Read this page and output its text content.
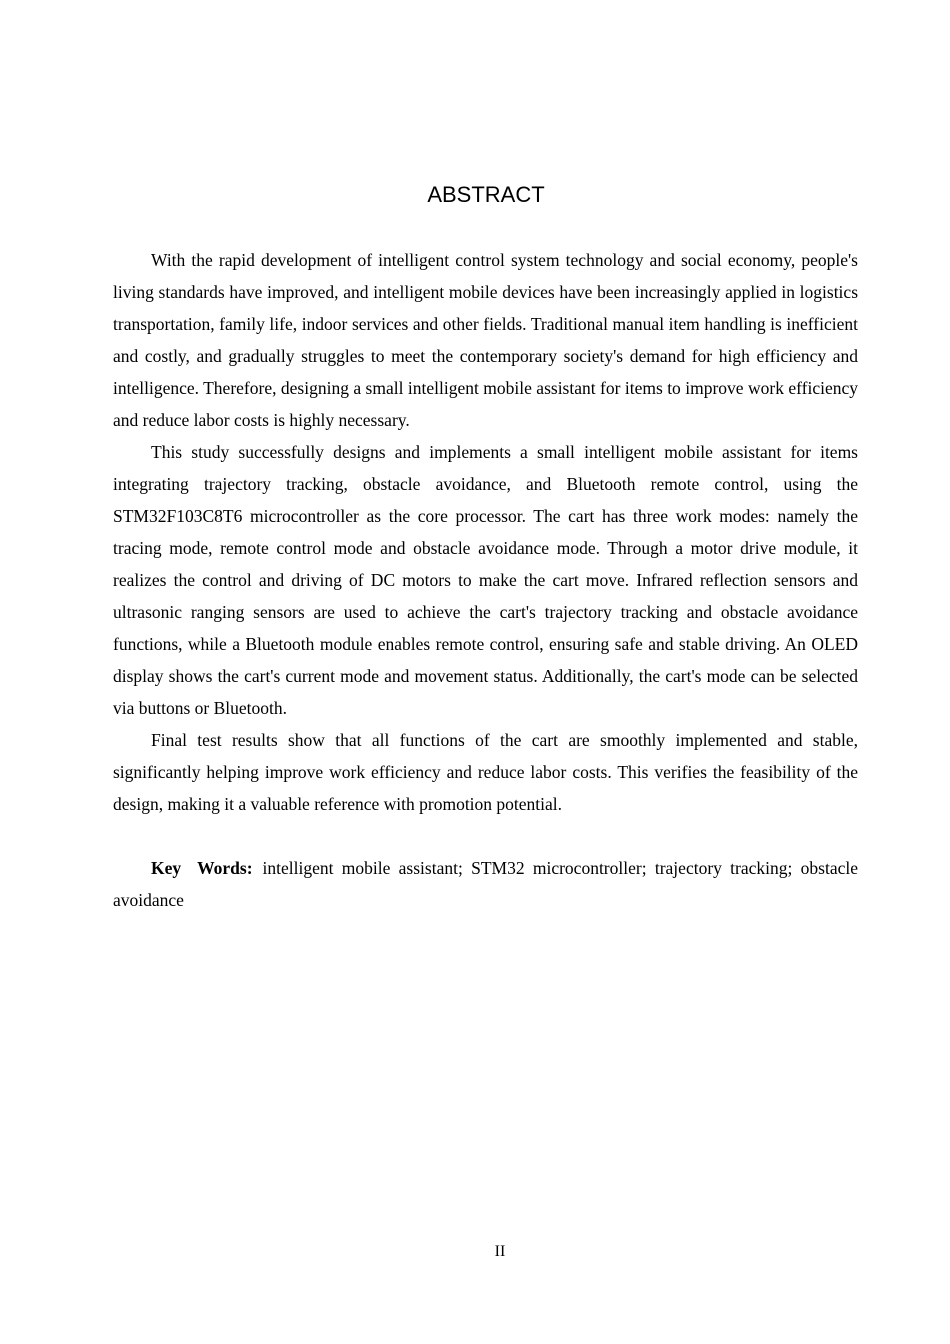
ABSTRACT

With the rapid development of intelligent control system technology and social economy, people's living standards have improved, and intelligent mobile devices have been increasingly applied in logistics transportation, family life, indoor services and other fields. Traditional manual item handling is inefficient and costly, and gradually struggles to meet the contemporary society's demand for high efficiency and intelligence. Therefore, designing a small intelligent mobile assistant for items to improve work efficiency and reduce labor costs is highly necessary.

This study successfully designs and implements a small intelligent mobile assistant for items integrating trajectory tracking, obstacle avoidance, and Bluetooth remote control, using the STM32F103C8T6 microcontroller as the core processor. The cart has three work modes: namely the tracing mode, remote control mode and obstacle avoidance mode. Through a motor drive module, it realizes the control and driving of DC motors to make the cart move. Infrared reflection sensors and ultrasonic ranging sensors are used to achieve the cart's trajectory tracking and obstacle avoidance functions, while a Bluetooth module enables remote control, ensuring safe and stable driving. An OLED display shows the cart's current mode and movement status. Additionally, the cart's mode can be selected via buttons or Bluetooth.

Final test results show that all functions of the cart are smoothly implemented and stable, significantly helping improve work efficiency and reduce labor costs. This verifies the feasibility of the design, making it a valuable reference with promotion potential.

Key Words: intelligent mobile assistant; STM32 microcontroller; trajectory tracking; obstacle avoidance

II
